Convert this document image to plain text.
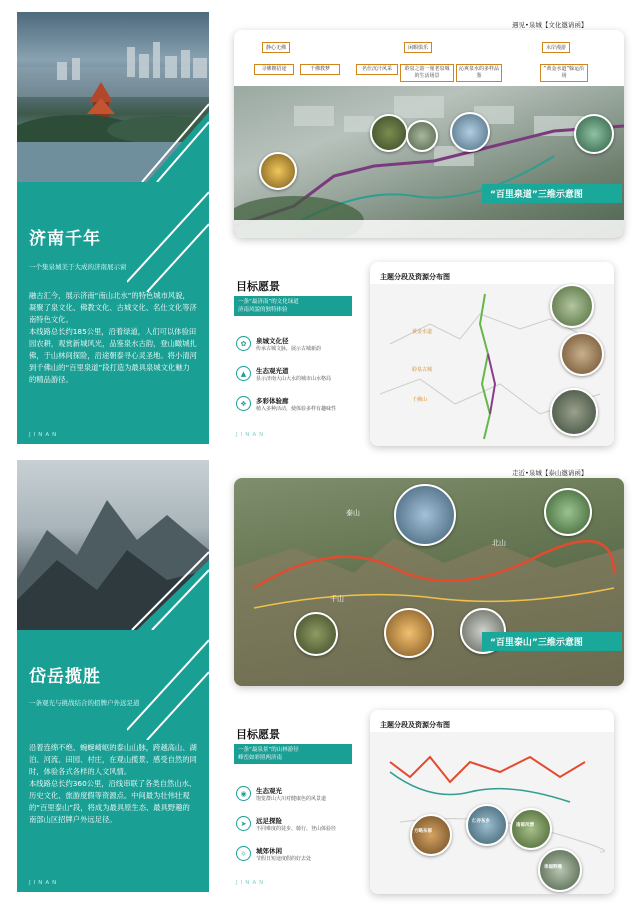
遇见•泉城【文化邀请函】
济南千年
一个集泉城美于大成的济南展示窗
融古汇今，展示济南“南山北水”的特色城市风貌，凝聚了泉文化、佛教文化、古城文化、名仕文化等济南特色文化。
本线路总长约185公里，沿着绿道，人们可以体验田园农耕，观赏新城风光，品鉴泉水古韵，登山瞰城扎佛，于山林间探险，沿途朝泰寻心灵圣地。将小清河到千佛山的“百里泉道”段打造为最具泉城文化魅力的精品游径。
JINAN
静心无佛	闲暇俱乐	水岸漫游
寻佛朝招途	千佛教梦	名仕沉汁风采	聆泉之韵一厘老泉城的生活场景
沁爽泉水的多样品鉴
“黄金水道”躲运沿场
“百里泉道”三维示意图
目标愿景
一条“最济南”的文化绿道
济南风貌的独特体验
✿	泉城文化径
传承古城文脉，展示古城新韵
▲	生态观光道
显示济南大山大水的城市山水格局
❖	多彩体验廊
植入多种活动，使体验多样有趣味性
JINAN
主题分段及资源分布图
黄金水道
聆泉古城
千佛山
走近•泉城【泰山邀请函】
岱岳揽胜
一条观光与挑战结合的招牌户外远足道
沿着连绵不绝、蜿蜒崎岖的泰山山脉，跨越高山、湖泊、河流、田园、村庄，在观山揽景、感受自然的同时，体验各式各样的人文风情。
本线路总长约360公里，沿线串联了各类自然山水、历史文化、旅游度假等资源点。中间最为壮伟壮观的“百里泰山”段，将成为最具原生态、最具野趣的南部山区招牌户外远足径。
JINAN
泰山
北山
千山
“百里泰山”三维示意图
目标愿景
一条“最泉景”的山林游径
峰峦如彩照两济南
◉	生态观光
饱览群山大川对健康色的风景道
➤	远足探险
不同难度的徒步、骑行、登山体验径
☼	城郊休闲
节假日短途度假的好去处
JINAN
主题分段及资源分布图
方略东部
仁谷东乡
南部风情
幸福野趣
